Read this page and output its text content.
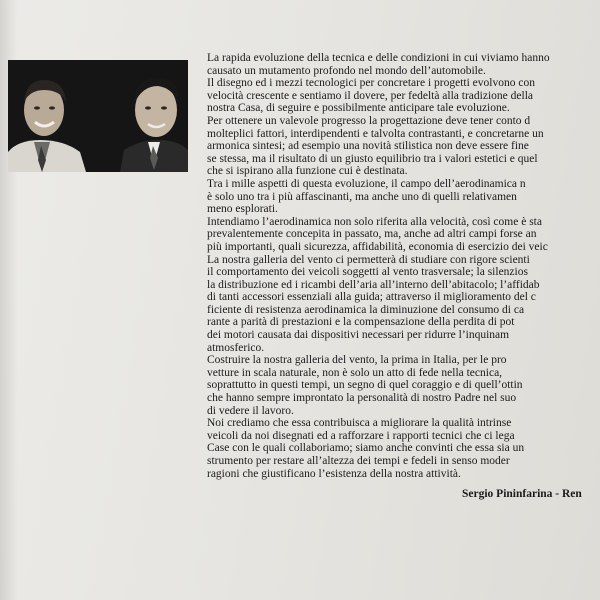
La rapida evoluzione della tecnica e delle condizioni in cui viviamo hanno
causato un mutamento profondo nel mondo dell’automobile.

Il disegno ed i mezzi tecnologici per concretare i progetti evolvono con
velocità crescente e sentiamo il dovere, per fedeltà alla tradizione della
nostra Casa, di seguire e possibilmente anticipare tale evoluzione.

Per ottenere un valevole progresso la progettazione deve tener conto d
molteplici fattori, interdipendenti e talvolta contrastanti, e concretarne un
armonica sintesi; ad esempio una novità stilistica non deve essere fine
se stessa, ma il risultato di un giusto equilibrio tra i valori estetici e quel
che si ispirano alla funzione cui è destinata.

Tra i mille aspetti di questa evoluzione, il campo dell’aerodinamica n
è solo uno tra i più affascinanti, ma anche uno di quelli relativamen
meno esplorati.

Intendiamo l’aerodinamica non solo riferita alla velocità, così come è sta
prevalentemente concepita in passato, ma, anche ad altri campi forse an
più importanti, quali sicurezza, affidabilità, economia di esercizio dei veic

La nostra galleria del vento ci permetterà di studiare con rigore scienti
il comportamento dei veicoli soggetti al vento trasversale; la silenzios
la distribuzione ed i ricambi dell’aria all’interno dell’abitacolo; l’affidab
di tanti accessori essenziali alla guida; attraverso il miglioramento del c
ficiente di resistenza aerodinamica la diminuzione del consumo di ca
rante a parità di prestazioni e la compensazione della perdita di pot
dei motori causata dai dispositivi necessari per ridurre l’inquinam
atmosferico.

Costruire la nostra galleria del vento, la prima in Italia, per le pro
vetture in scala naturale, non è solo un atto di fede nella tecnica,
soprattutto in questi tempi, un segno di quel coraggio e di quell’ottin
che hanno sempre improntato la personalità di nostro Padre nel suo
di vedere il lavoro.

Noi crediamo che essa contribuisca a migliorare la qualità intrinse
veicoli da noi disegnati ed a rafforzare i rapporti tecnici che ci lega
Case con le quali collaboriamo; siamo anche convinti che essa sia un
strumento per restare all’altezza dei tempi e fedeli in senso moder
ragioni che giustificano l’esistenza della nostra attività.

Sergio Pininfarina - Ren
